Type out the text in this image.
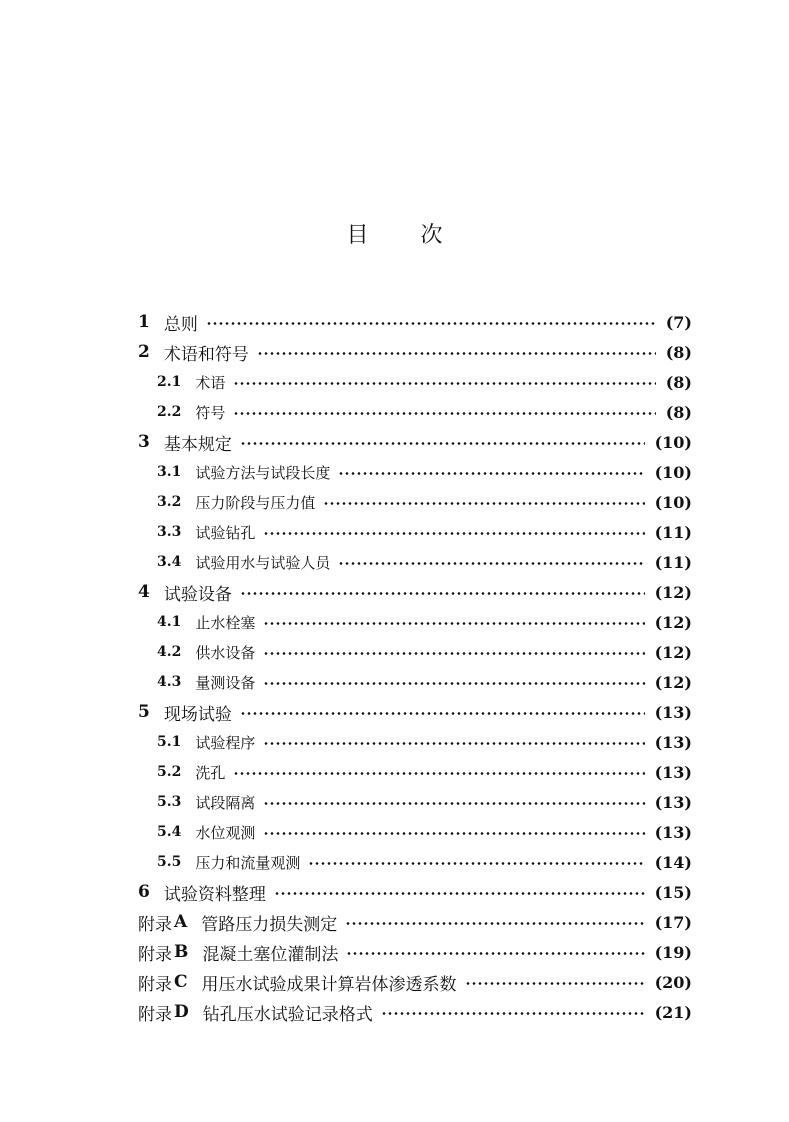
目 次
1 总则	(7)
2 术语和符号	(8)
2.1 术语	(8)
2.2 符号	(8)
3 基本规定	(10)
3.1 试验方法与试段长度	(10)
3.2 压力阶段与压力值	(10)
3.3 试验钻孔	(11)
3.4 试验用水与试验人员	(11)
4 试验设备	(12)
4.1 止水栓塞	(12)
4.2 供水设备	(12)
4.3 量测设备	(12)
5 现场试验	(13)
5.1 试验程序	(13)
5.2 洗孔	(13)
5.3 试段隔离	(13)
5.4 水位观测	(13)
5.5 压力和流量观测	(14)
6 试验资料整理	(15)
附录 A 管路压力损失测定	(17)
附录 B 混凝土塞位灌制法	(19)
附录 C 用压水试验成果计算岩体渗透系数	(20)
附录 D 钻孔压水试验记录格式	(21)
